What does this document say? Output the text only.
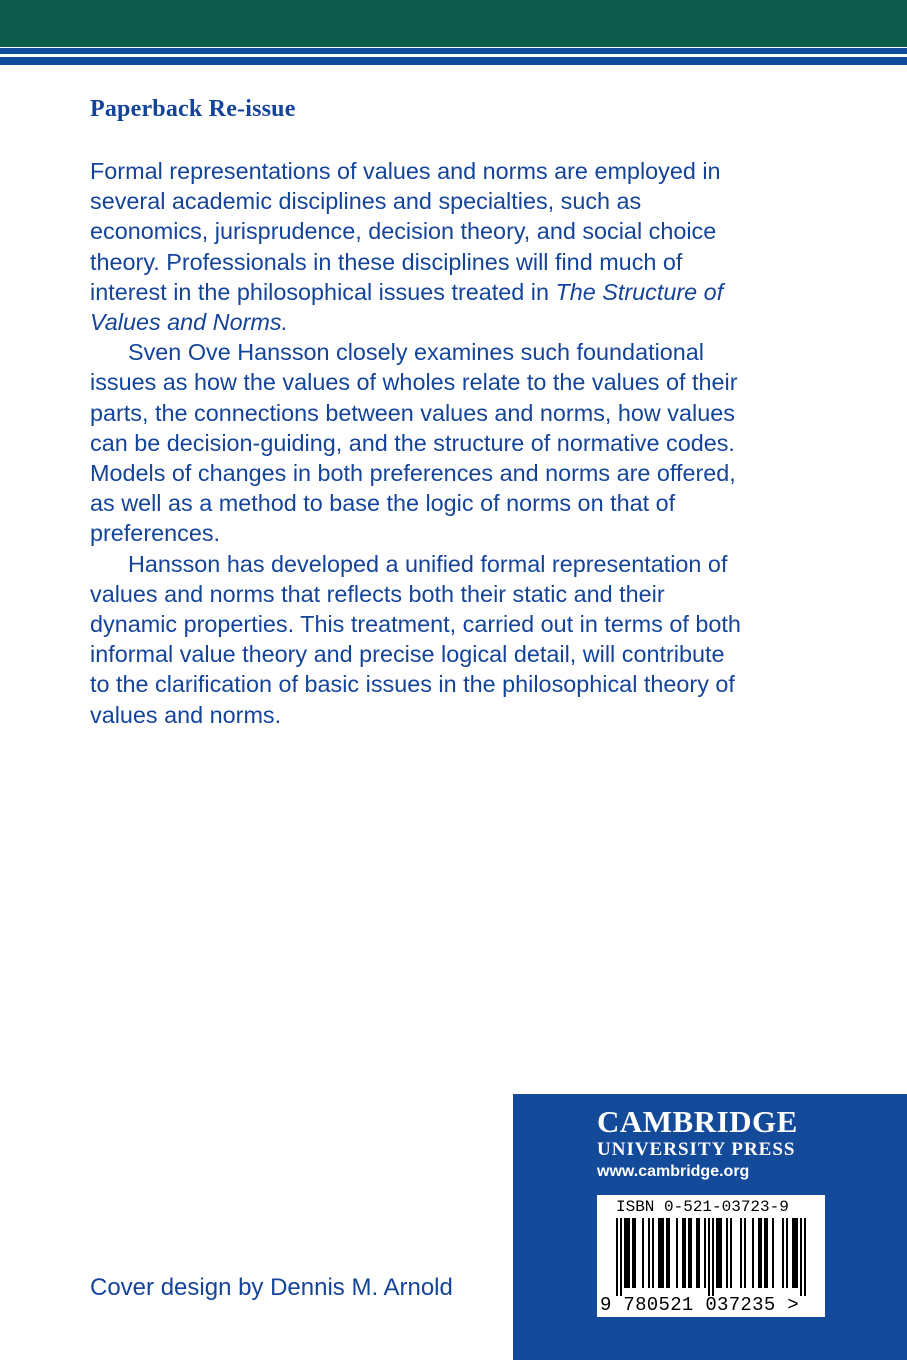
Paperback Re-issue

Formal representations of values and norms are employed in
several academic disciplines and specialties, such as
economics, jurisprudence, decision theory, and social choice
theory. Professionals in these disciplines will find much of
interest in the philosophical issues treated in The Structure of
Values and Norms.

Sven Ove Hansson closely examines such foundational
issues as how the values of wholes relate to the values of their
parts, the connections between values and norms, how values
can be decision-guiding, and the structure of normative codes.
Models of changes in both preferences and norms are offered,
as well as a method to base the logic of norms on that of
preferences.

Hansson has developed a unified formal representation of
values and norms that reflects both their static and their
dynamic properties. This treatment, carried out in terms of both
informal value theory and precise logical detail, will contribute
to the clarification of basic issues in the philosophical theory of
values and norms.

Cover design by Dennis M. Arnold

CAMBRIDGE

UNIVERSITY PRESS

www.cambridge.org

ISBN 0-521-03723-9

9 780521 037235 >
